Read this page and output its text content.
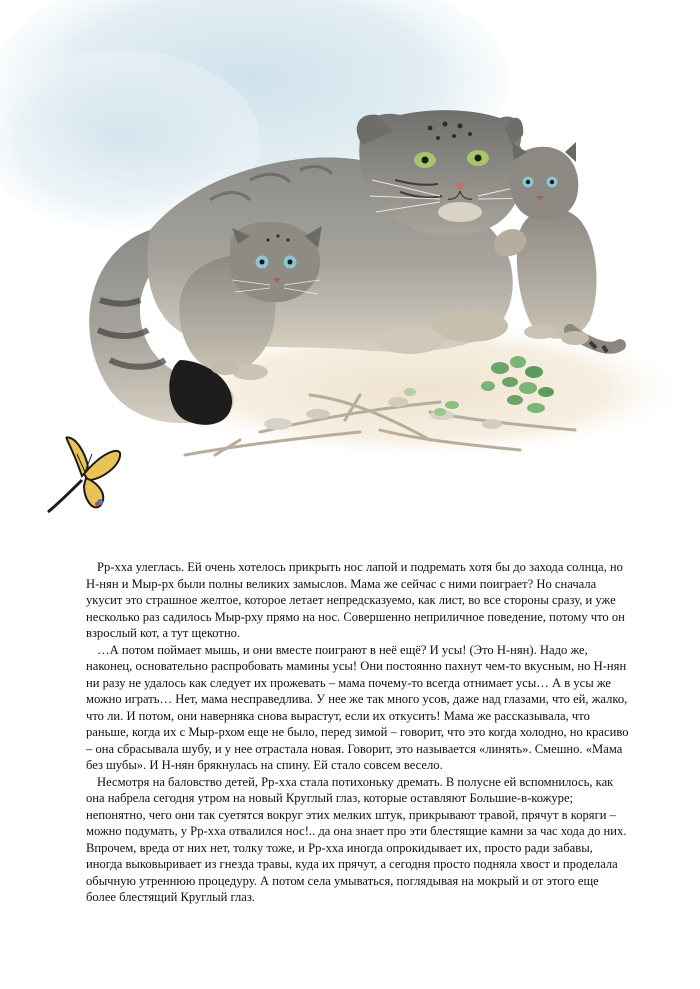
Рр-хха улеглась. Ей очень хотелось прикрыть нос лапой и подремать хотя бы до захода солнца, но Н-нян и Мыр-рх были полны великих замыслов. Мама же сейчас с ними поиграет? Но сначала укусит это страшное желтое, которое летает непредсказуемо, как лист, во все стороны сразу, и уже несколько раз садилось Мыр-рху прямо на нос. Совершенно неприличное поведение, потому что он взрослый кот, а тут щекотно.

…А потом поймает мышь, и они вместе поиграют в неё ещё? И усы! (Это Н-нян). Надо же, наконец, основательно распробовать мамины усы! Они постоянно пахнут чем-то вкусным, но Н-нян ни разу не удалось как следует их прожевать – мама почему-то всегда отнимает усы… А в усы же можно играть… Нет, мама несправедлива. У нее же так много усов, даже над глазами, что ей, жалко, что ли. И потом, они наверняка снова вырастут, если их откусить! Мама же рассказывала, что раньше, когда их с Мыр-рхом еще не было, перед зимой – говорит, что это когда холодно, но красиво – она сбрасывала шубу, и у нее отрастала новая. Говорит, это называется «линять». Смешно. «Мама без шубы». И Н-нян брякнулась на спину. Ей стало совсем весело.

Несмотря на баловство детей, Рр-хха стала потихоньку дремать. В полусне ей вспомнилось, как она набрела сегодня утром на новый Круглый глаз, которые оставляют Большие-в-кожуре; непонятно, чего они так суетятся вокруг этих мелких штук, прикрывают травой, прячут в коряги – можно подумать, у Рр-хха отвалился нос!.. да она знает про эти блестящие камни за час хода до них. Впрочем, вреда от них нет, толку тоже, и Рр-хха иногда опрокидывает их, просто ради забавы, иногда выковыривает из гнезда травы, куда их прячут, а сегодня просто подняла хвост и проделала обычную утреннюю процедуру. А потом села умываться, поглядывая на мокрый и от этого еще более блестящий Круглый глаз.
